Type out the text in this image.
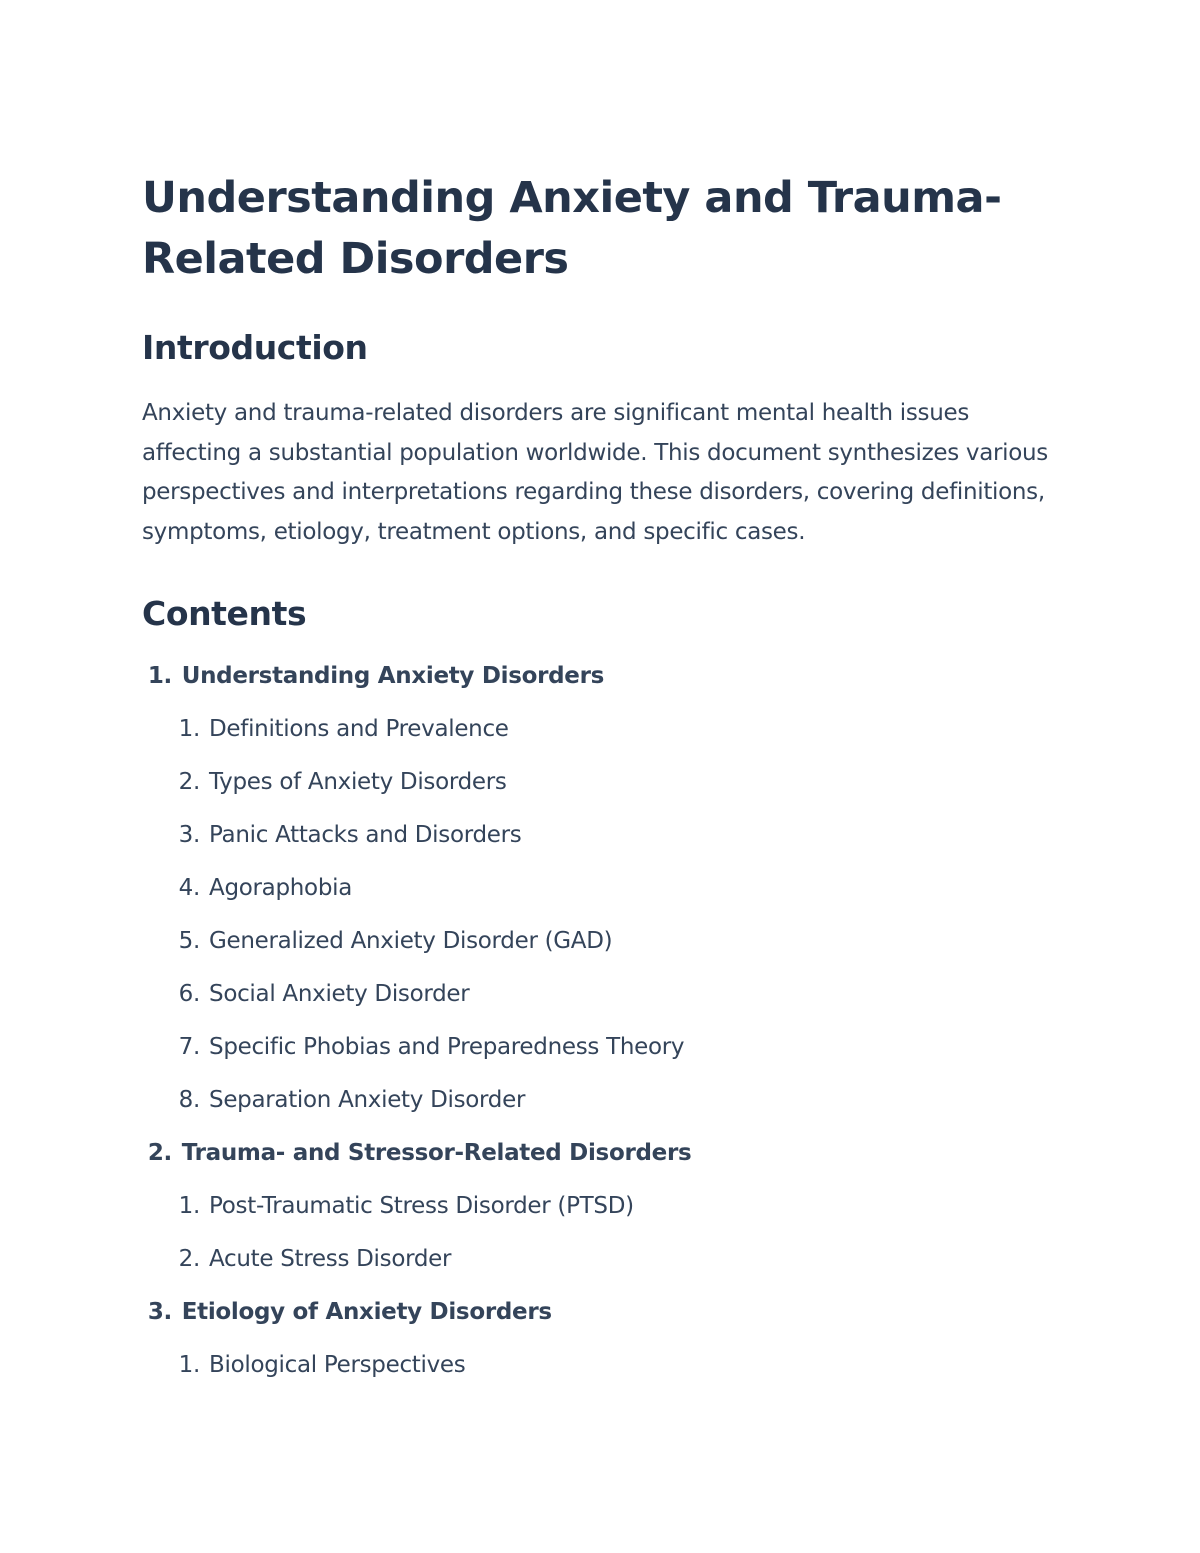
Understanding Anxiety and Trauma-
Related Disorders
Introduction

Anxiety and trauma-related disorders are significant mental health issues affecting a substantial population worldwide. This document synthesizes various perspectives and interpretations regarding these disorders, covering definitions, symptoms, etiology, treatment options, and specific cases.

Contents
1. Understanding Anxiety Disorders
1. Definitions and Prevalence
2. Types of Anxiety Disorders
3. Panic Attacks and Disorders
4. Agoraphobia
5. Generalized Anxiety Disorder (GAD)
6. Social Anxiety Disorder
7. Specific Phobias and Preparedness Theory
8. Separation Anxiety Disorder
2. Trauma- and Stressor-Related Disorders
1. Post-Traumatic Stress Disorder (PTSD)
2. Acute Stress Disorder
3. Etiology of Anxiety Disorders
1. Biological Perspectives
